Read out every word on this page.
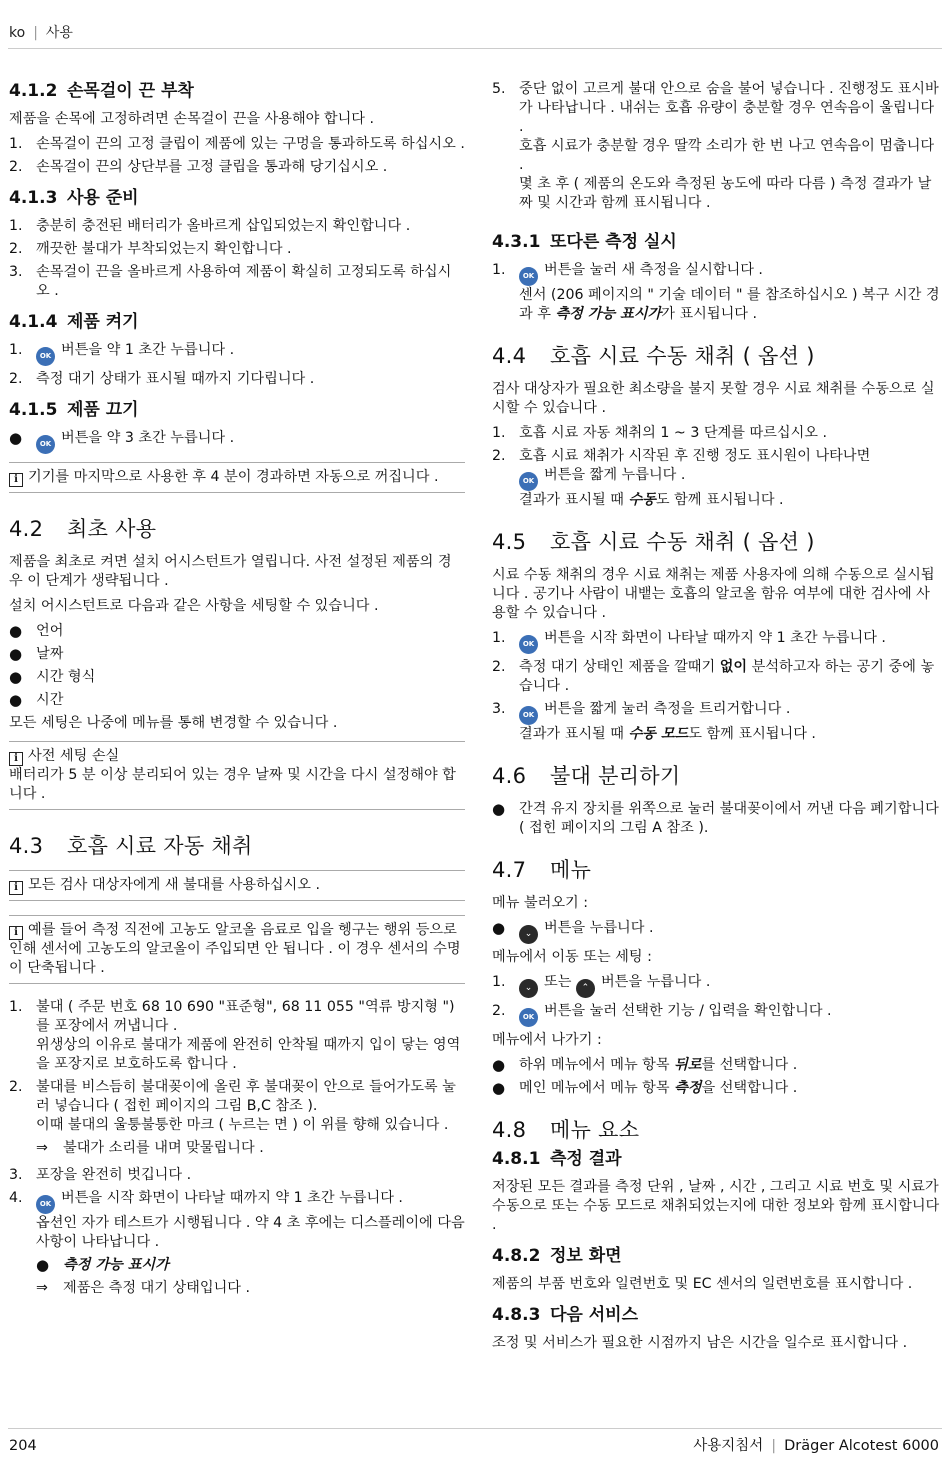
ko | 사용
4.1.2 손목걸이 끈 부착

제품을 손목에 고정하려면 손목걸이 끈을 사용해야 합니다 .

1. 손목걸이 끈의 고정 클립이 제품에 있는 구멍을 통과하도록 하십시오 .
2. 손목걸이 끈의 상단부를 고정 클립을 통과해 당기십시오 .
4.1.3 사용 준비
1. 충분히 충전된 배터리가 올바르게 삽입되었는지 확인합니다 .
2. 깨끗한 불대가 부착되었는지 확인합니다 .
3. 손목걸이 끈을 올바르게 사용하여 제품이 확실히 고정되도록 하십시오 .
4.1.4 제품 켜기
1.	OK 버튼을 약 1 초간 누릅니다 .
2. 측정 대기 상태가 표시될 때까지 기다립니다 .
4.1.5 제품 끄기
●	OK 버튼을 약 3 초간 누릅니다 .
i 기기를 마지막으로 사용한 후 4 분이 경과하면 자동으로 꺼집니다 .
4.2 최초 사용

제품을 최초로 켜면 설치 어시스턴트가 열립니다. 사전 설정된 제품의 경우 이 단계가 생략됩니다 .

설치 어시스턴트로 다음과 같은 사항을 세팅할 수 있습니다 .

● 언어
● 날짜
● 시간 형식
● 시간

모든 세팅은 나중에 메뉴를 통해 변경할 수 있습니다 .

i 사전 세팅 손실
배터리가 5 분 이상 분리되어 있는 경우 날짜 및 시간을 다시 설정해야 합니다 .
4.3 호흡 시료 자동 채취
i 모든 검사 대상자에게 새 불대를 사용하십시오 .
i 예를 들어 측정 직전에 고농도 알코올 음료로 입을 헹구는 행위 등으로 인해 센서에 고농도의 알코올이 주입되면 안 됩니다 . 이 경우 센서의 수명이 단축됩니다 .
1. 불대 ( 주문 번호 68 10 690 "표준형", 68 11 055 "역류 방지형 ") 를 포장에서 꺼냅니다 .
위생상의 이유로 불대가 제품에 완전히 안착될 때까지 입이 닿는 영역을 포장지로 보호하도록 합니다 .
2. 불대를 비스듬히 불대꽂이에 올린 후 불대꽂이 안으로 들어가도록 눌러 넣습니다 ( 접힌 페이지의 그림 B,C 참조 ).
이때 불대의 울퉁불퉁한 마크 ( 누르는 면 ) 이 위를 향해 있습니다 .
⇒	불대가 소리를 내며 맞물립니다 .
3. 포장을 완전히 벗깁니다 .
4.	OK 버튼을 시작 화면이 나타날 때까지 약 1 초간 누릅니다 .
옵션인 자가 테스트가 시행됩니다 . 약 4 초 후에는 디스플레이에 다음 사항이 나타납니다 .
● 측정 가능 표시가
⇒	제품은 측정 대기 상태입니다 .
5. 중단 없이 고르게 불대 안으로 숨을 불어 넣습니다 . 진행정도 표시바가 나타납니다 . 내쉬는 호흡 유량이 충분할 경우 연속음이 울립니다 .
호흡 시료가 충분할 경우 딸깍 소리가 한 번 나고 연속음이 멈춥니다 .
몇 초 후 ( 제품의 온도와 측정된 농도에 따라 다름 ) 측정 결과가 날짜 및 시간과 함께 표시됩니다 .
4.3.1 또다른 측정 실시
1.	OK 버튼을 눌러 새 측정을 실시합니다 .
센서 (206 페이지의 " 기술 데이터 " 를 참조하십시오 ) 복구 시간 경과 후 측정 가능 표시가가 표시됩니다 .
4.4 호흡 시료 수동 채취 ( 옵션 )

검사 대상자가 필요한 최소량을 불지 못할 경우 시료 채취를 수동으로 실시할 수 있습니다 .

1. 호흡 시료 자동 채취의 1 ~ 3 단계를 따르십시오 .
2. 호흡 시료 채취가 시작된 후 진행 정도 표시원이 나타나면
OK 버튼을 짧게 누릅니다 .
결과가 표시될 때 수동도 함께 표시됩니다 .
4.5 호흡 시료 수동 채취 ( 옵션 )

시료 수동 채취의 경우 시료 채취는 제품 사용자에 의해 수동으로 실시됩니다 . 공기나 사람이 내뱉는 호흡의 알코올 함유 여부에 대한 검사에 사용할 수 있습니다 .

1.	OK 버튼을 시작 화면이 나타날 때까지 약 1 초간 누릅니다 .
2. 측정 대기 상태인 제품을 깔때기 없이 분석하고자 하는 공기 중에 놓습니다 .
3.	OK 버튼을 짧게 눌러 측정을 트리거합니다 .
결과가 표시될 때 수동 모드도 함께 표시됩니다 .
4.6 불대 분리하기
● 간격 유지 장치를 위쪽으로 눌러 불대꽂이에서 꺼낸 다음 폐기합니다 ( 접힌 페이지의 그림 A 참조 ).
4.7 메뉴

메뉴 불러오기 :

●	⌄ 버튼을 누릅니다 .

메뉴에서 이동 또는 세팅 :

1.	⌄ 또는 ⌃ 버튼을 누릅니다 .
2.	OK 버튼을 눌러 선택한 기능 / 입력을 확인합니다 .

메뉴에서 나가기 :

● 하위 메뉴에서 메뉴 항목 뒤로를 선택합니다 .
● 메인 메뉴에서 메뉴 항목 측정을 선택합니다 .
4.8 메뉴 요소
4.8.1 측정 결과

저장된 모든 결과를 측정 단위 , 날짜 , 시간 , 그리고 시료 번호 및 시료가 수동으로 또는 수동 모드로 채취되었는지에 대한 정보와 함께 표시합니다 .

4.8.2 정보 화면

제품의 부품 번호와 일련번호 및 EC 센서의 일련번호를 표시합니다 .

4.8.3 다음 서비스

조정 및 서비스가 필요한 시점까지 남은 시간을 일수로 표시합니다 .

204	사용지침서 | Dräger Alcotest 6000
